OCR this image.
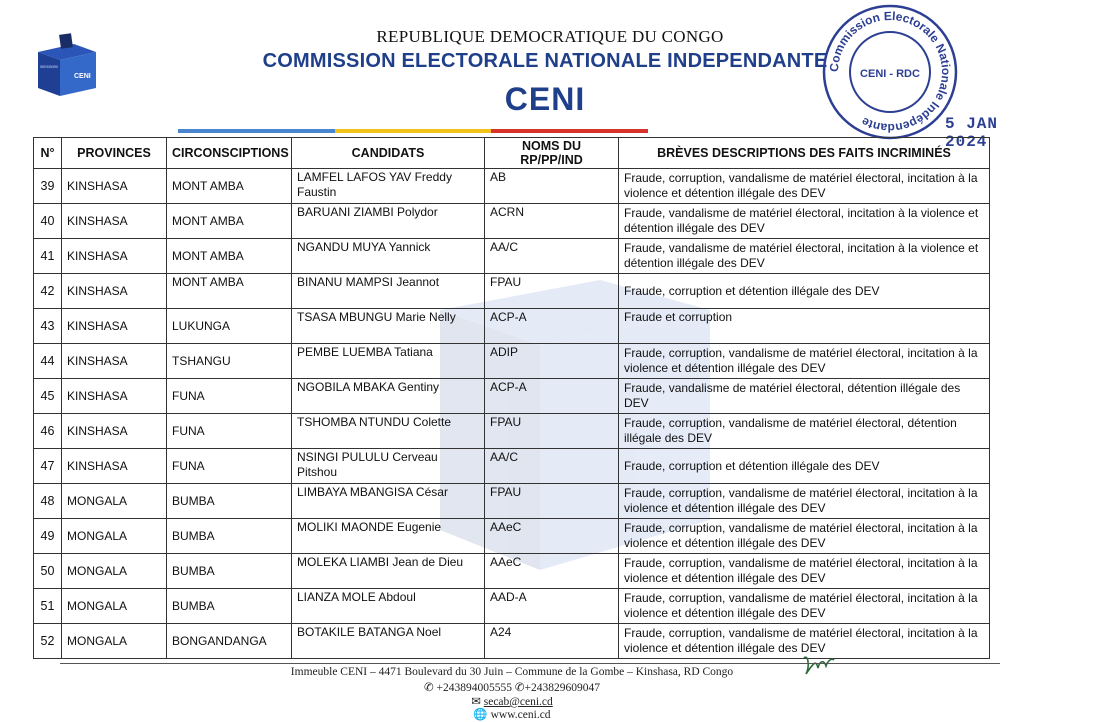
COMMISSION ELECTORALE NATIONALE INDEPENDANTE
CENI
REPUBLIQUE DEMOCRATIQUE DU CONGO
COMMISSION ELECTORALE NATIONALE INDEPENDANTE
CENI
Commission Electorale Nationale Indépendante
CENI - RDC
5 JAN 2024
N°	PROVINCES	CIRCONSCIPTIONS	CANDIDATS	NOMS DU RP/PP/IND	BRÈVES DESCRIPTIONS DES FAITS INCRIMINÉS
39	KINSHASA	MONT AMBA	LAMFEL LAFOS YAV Freddy Faustin	AB	Fraude, corruption, vandalisme de matériel électoral, incitation à la violence et détention illégale des DEV
40	KINSHASA	MONT AMBA	BARUANI ZIAMBI Polydor	ACRN	Fraude, vandalisme de matériel électoral, incitation à la violence et détention illégale des DEV
41	KINSHASA	MONT AMBA	NGANDU MUYA Yannick	AA/C	Fraude, vandalisme de matériel électoral, incitation à la violence et détention illégale des DEV
42	KINSHASA	MONT AMBA	BINANU MAMPSI Jeannot	FPAU	Fraude, corruption et détention illégale des DEV
43	KINSHASA	LUKUNGA	TSASA MBUNGU Marie Nelly	ACP-A	Fraude et corruption
44	KINSHASA	TSHANGU	PEMBE LUEMBA Tatiana	ADIP	Fraude, corruption, vandalisme de matériel électoral, incitation à la violence et détention illégale des DEV
45	KINSHASA	FUNA	NGOBILA MBAKA Gentiny	ACP-A	Fraude, vandalisme de matériel électoral, détention illégale des DEV
46	KINSHASA	FUNA	TSHOMBA NTUNDU Colette	FPAU	Fraude, corruption, vandalisme de matériel électoral, détention illégale des DEV
47	KINSHASA	FUNA	NSINGI PULULU Cerveau Pitshou	AA/C	Fraude, corruption et détention illégale des DEV
48	MONGALA	BUMBA	LIMBAYA MBANGISA César	FPAU	Fraude, corruption, vandalisme de matériel électoral, incitation à la violence et détention illégale des DEV
49	MONGALA	BUMBA	MOLIKI MAONDE Eugenie	AAeC	Fraude, corruption, vandalisme de matériel électoral, incitation à la violence et détention illégale des DEV
50	MONGALA	BUMBA	MOLEKA LIAMBI Jean de Dieu	AAeC	Fraude, corruption, vandalisme de matériel électoral, incitation à la violence et détention illégale des DEV
51	MONGALA	BUMBA	LIANZA MOLE Abdoul	AAD-A	Fraude, corruption, vandalisme de matériel électoral, incitation à la violence et détention illégale des DEV
52	MONGALA	BONGANDANGA	BOTAKILE BATANGA Noel	A24	Fraude, corruption, vandalisme de matériel électoral, incitation à la violence et détention illégale des DEV
Immeuble CENI – 4471 Boulevard du 30 Juin – Commune de la Gombe – Kinshasa, RD Congo
✆ +243894005555 ✆+243829609047
✉ secab@ceni.cd
🌐 www.ceni.cd
